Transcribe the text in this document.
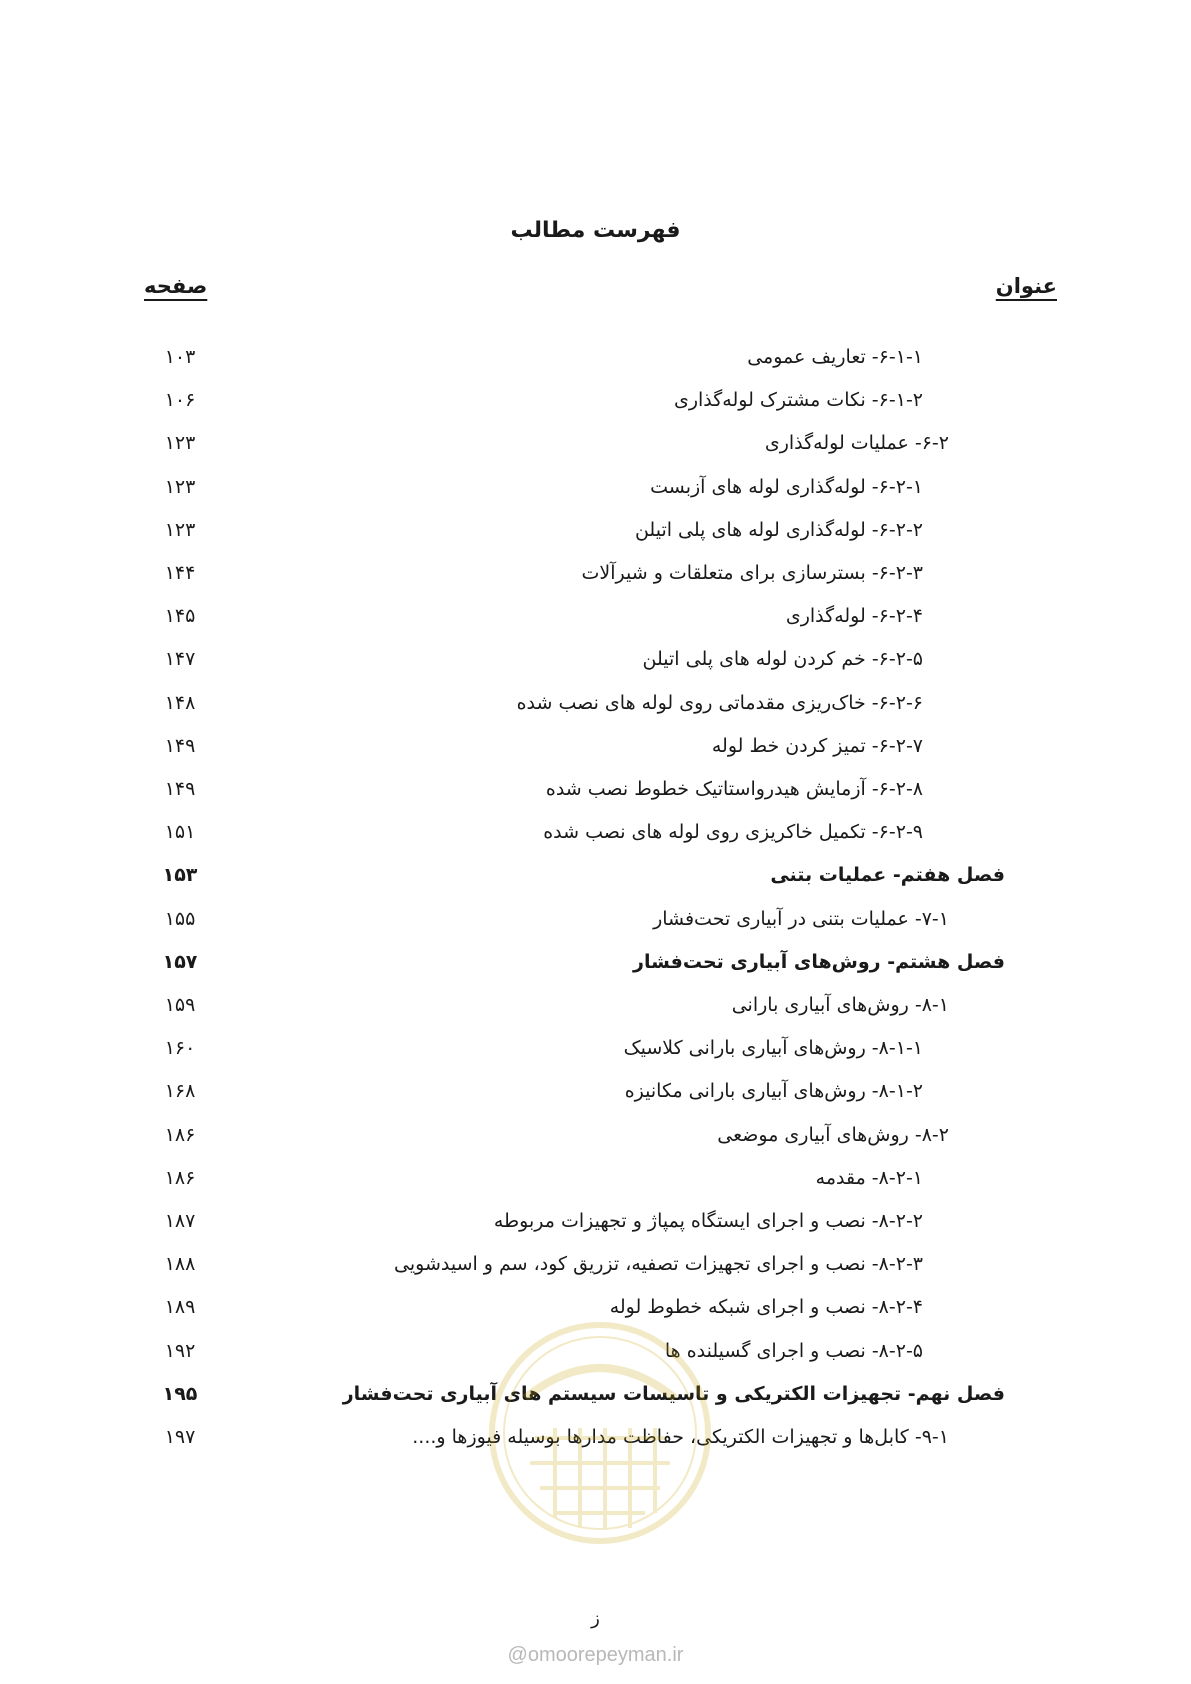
فهرست مطالب
عنوان
صفحه
۶-۱-۱- تعاریف عمومی
۱۰۳
۶-۱-۲- نکات مشترک لوله‌گذاری
۱۰۶
۶-۲- عملیات لوله‌گذاری
۱۲۳
۶-۲-۱- لوله‌گذاری لوله های آزبست
۱۲۳
۶-۲-۲- لوله‌گذاری لوله های پلی اتیلن
۱۲۳
۶-۲-۳- بسترسازی برای متعلقات و شیرآلات
۱۴۴
۶-۲-۴- لوله‌گذاری
۱۴۵
۶-۲-۵- خم کردن لوله های پلی اتیلن
۱۴۷
۶-۲-۶- خاک‌ریزی مقدماتی روی لوله های نصب شده
۱۴۸
۶-۲-۷- تمیز کردن خط لوله
۱۴۹
۶-۲-۸- آزمایش هیدرواستاتیک خطوط نصب شده
۱۴۹
۶-۲-۹- تکمیل خاکریزی روی لوله های نصب شده
۱۵۱
فصل هفتم- عملیات بتنی
۱۵۳
۷-۱- عملیات بتنی در آبیاری تحت‌فشار
۱۵۵
فصل هشتم- روش‌های آبیاری تحت‌فشار
۱۵۷
۸-۱- روش‌های آبیاری بارانی
۱۵۹
۸-۱-۱- روش‌های آبیاری بارانی کلاسیک
۱۶۰
۸-۱-۲- روش‌های آبیاری بارانی مکانیزه
۱۶۸
۸-۲- روش‌های آبیاری موضعی
۱۸۶
۸-۲-۱- مقدمه
۱۸۶
۸-۲-۲- نصب و اجرای ایستگاه پمپاژ و تجهیزات مربوطه
۱۸۷
۸-۲-۳- نصب و اجرای تجهیزات تصفیه، تزریق کود، سم و اسیدشویی
۱۸۸
۸-۲-۴- نصب و اجرای شبکه خطوط لوله
۱۸۹
۸-۲-۵- نصب و اجرای گسیلنده ها
۱۹۲
فصل نهم- تجهیزات الکتریکی و تاسیسات سیستم های آبیاری تحت‌فشار
۱۹۵
۹-۱- کابل‌ها و تجهیزات الکتریکی، حفاظت مدارها بوسیله فیوزها و....
۱۹۷
ز
@omoorepeyman.ir
